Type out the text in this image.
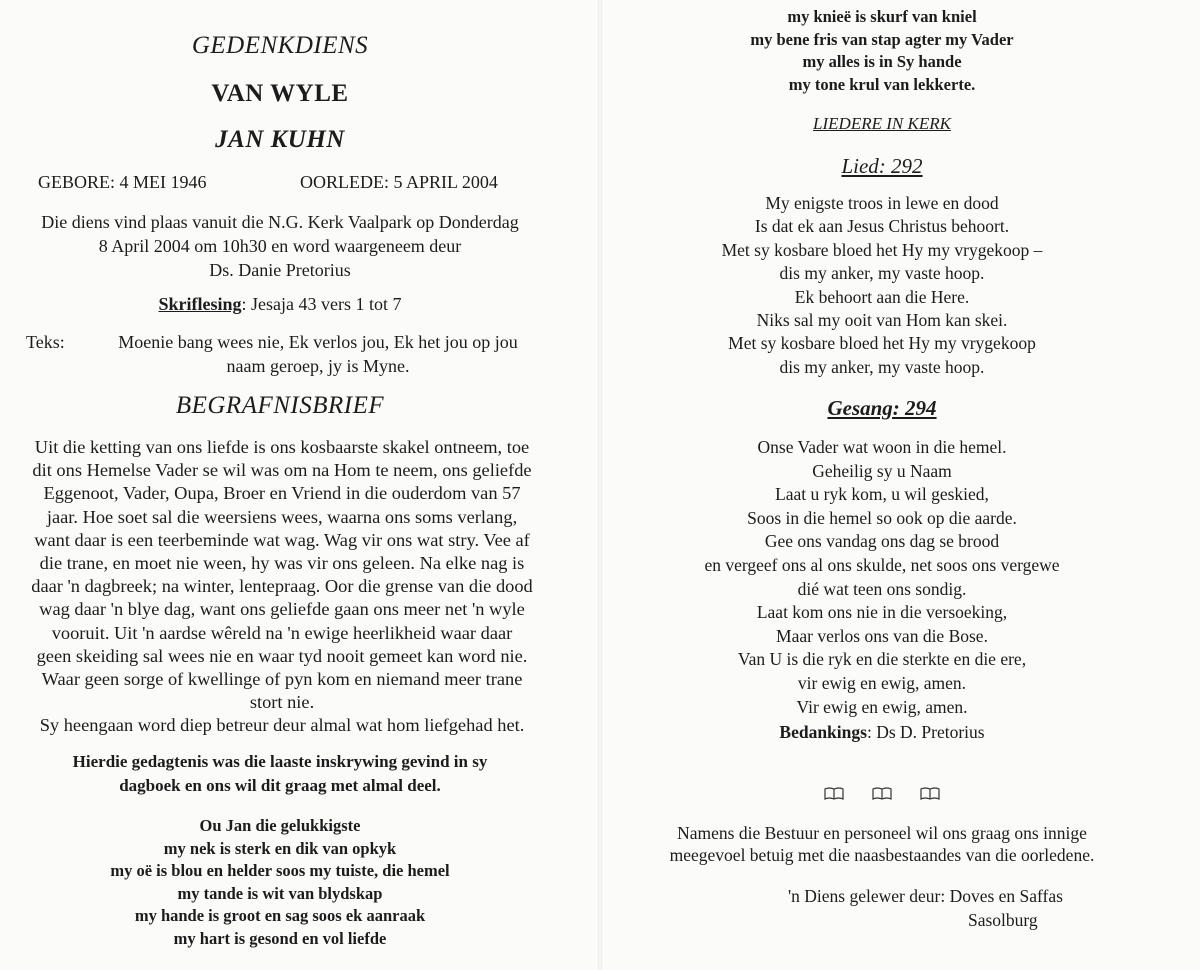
GEDENKDIENS
VAN WYLE
JAN KUHN
GEBORE: 4 MEI 1946	OORLEDE: 5 APRIL 2004
Die diens vind plaas vanuit die N.G. Kerk Vaalpark op Donderdag
8 April 2004 om 10h30 en word waargeneem deur
Ds. Danie Pretorius
Skriflesing: Jesaja 43 vers 1 tot 7
Teks:	Moenie bang wees nie, Ek verlos jou, Ek het jou op jou
naam geroep, jy is Myne.
BEGRAFNISBRIEF
Uit die ketting van ons liefde is ons kosbaarste skakel ontneem, toe
dit ons Hemelse Vader se wil was om na Hom te neem, ons geliefde
Eggenoot, Vader, Oupa, Broer en Vriend in die ouderdom van 57
jaar. Hoe soet sal die weersiens wees, waarna ons soms verlang,
want daar is een teerbeminde wat wag. Wag vir ons wat stry. Vee af
die trane, en moet nie ween, hy was vir ons geleen. Na elke nag is
daar 'n dagbreek; na winter, lentepraag. Oor die grense van die dood
wag daar 'n blye dag, want ons geliefde gaan ons meer net 'n wyle
vooruit. Uit 'n aardse wêreld na 'n ewige heerlikheid waar daar
geen skeiding sal wees nie en waar tyd nooit gemeet kan word nie.
Waar geen sorge of kwellinge of pyn kom en niemand meer trane
stort nie.
Sy heengaan word diep betreur deur almal wat hom liefgehad het.
Hierdie gedagtenis was die laaste inskrywing gevind in sy
dagboek en ons wil dit graag met almal deel.
Ou Jan die gelukkigste
my nek is sterk en dik van opkyk
my oë is blou en helder soos my tuiste, die hemel
my tande is wit van blydskap
my hande is groot en sag soos ek aanraak
my hart is gesond en vol liefde
my knieë is skurf van kniel
my bene fris van stap agter my Vader
my alles is in Sy hande
my tone krul van lekkerte.
LIEDERE IN KERK
Lied: 292
My enigste troos in lewe en dood
Is dat ek aan Jesus Christus behoort.
Met sy kosbare bloed het Hy my vrygekoop –
dis my anker, my vaste hoop.
Ek behoort aan die Here.
Niks sal my ooit van Hom kan skei.
Met sy kosbare bloed het Hy my vrygekoop
dis my anker, my vaste hoop.
Gesang: 294
Onse Vader wat woon in die hemel.
Geheilig sy u Naam
Laat u ryk kom, u wil geskied,
Soos in die hemel so ook op die aarde.
Gee ons vandag ons dag se brood
en vergeef ons al ons skulde, net soos ons vergewe
dié wat teen ons sondig.
Laat kom ons nie in die versoeking,
Maar verlos ons van die Bose.
Van U is die ryk en die sterkte en die ere,
vir ewig en ewig, amen.
Vir ewig en ewig, amen.
Bedankings: Ds D. Pretorius
Namens die Bestuur en personeel wil ons graag ons innige
meegevoel betuig met die naasbestaandes van die oorledene.
'n Diens gelewer deur: Doves en Saffas
Sasolburg
